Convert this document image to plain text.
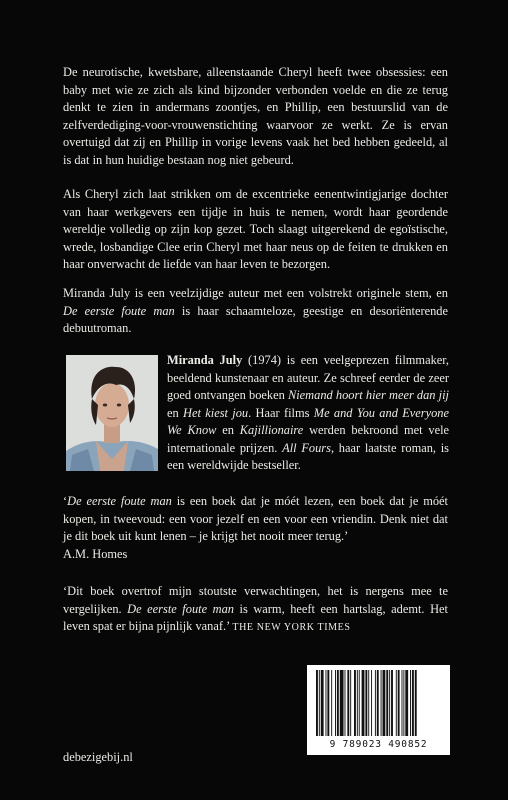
De neurotische, kwetsbare, alleenstaande Cheryl heeft twee obsessies: een baby met wie ze zich als kind bijzonder verbonden voelde en die ze terug denkt te zien in andermans zoontjes, en Phillip, een bestuurslid van de zelfverdediging-voor-vrouwenstichting waarvoor ze werkt. Ze is ervan overtuigd dat zij en Phillip in vorige levens vaak het bed hebben gedeeld, al is dat in hun huidige bestaan nog niet gebeurd.

Als Cheryl zich laat strikken om de excentrieke eenentwintigjarige dochter van haar werkgevers een tijdje in huis te nemen, wordt haar geordende wereldje volledig op zijn kop gezet. Toch slaagt uitgerekend de egoïstische, wrede, losbandige Clee erin Cheryl met haar neus op de feiten te drukken en haar onverwacht de liefde van haar leven te bezorgen.

Miranda July is een veelzijdige auteur met een volstrekt originele stem, en De eerste foute man is haar schaamteloze, geestige en desoriënterende debuutroman.

Miranda July (1974) is een veelgeprezen filmmaker, beeldend kunstenaar en auteur. Ze schreef eerder de zeer goed ontvangen boeken Niemand hoort hier meer dan jij en Het kiest jou. Haar films Me and You and Everyone We Know en Kajillionaire werden bekroond met vele internationale prijzen. All Fours, haar laatste roman, is een wereldwijde bestseller.

‘De eerste foute man is een boek dat je móét lezen, een boek dat je móét kopen, in tweevoud: een voor jezelf en een voor een vriendin. Denk niet dat je dit boek uit kunt lenen – je krijgt het nooit meer terug.’
A.M. Homes

‘Dit boek overtrof mijn stoutste verwachtingen, het is nergens mee te vergelijken. De eerste foute man is warm, heeft een hartslag, ademt. Het leven spat er bijna pijnlijk vanaf.’ THE NEW YORK TIMES

9 789023 490852
debezigebij.nl
